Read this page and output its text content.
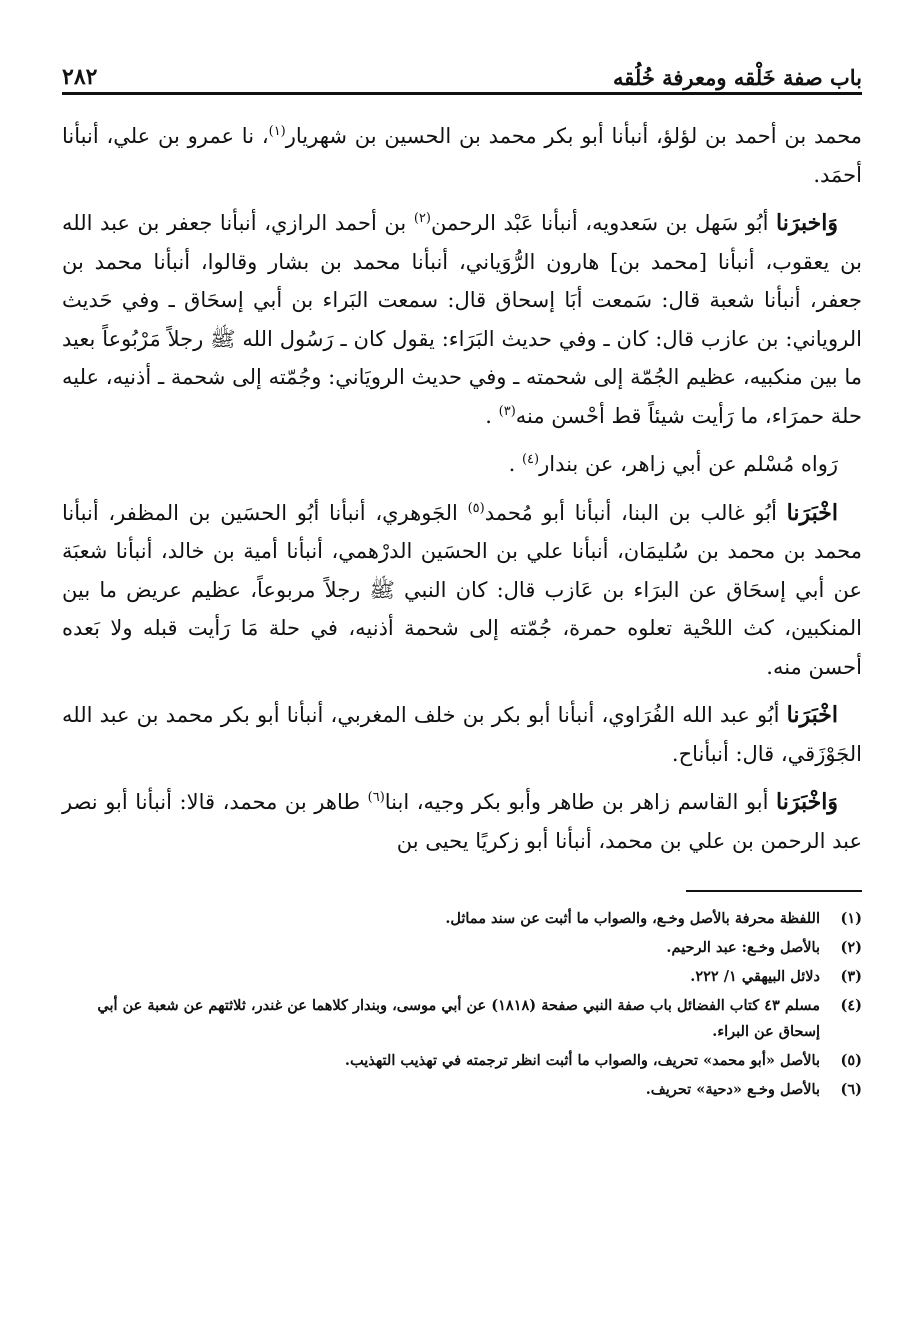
باب صفة خَلْقه ومعرفة خُلُقه
٢٨٢

محمد بن أحمد بن لؤلؤ، أنبأنا أبو بكر محمد بن الحسين بن شهريار$^{(١)}$، نا عمرو بن علي، أنبأنا أحمَد.

وَاخبرَنا أبُو سَهل بن سَعدويه، أنبأنا عَبْد الرحمن$^{(٢)}$ بن أحمد الرازي، أنبأنا جعفر بن عبد الله بن يعقوب، أنبأنا [محمد بن] هارون الرُّوَياني، أنبأنا محمد بن بشار وقالوا، أنبأنا محمد بن جعفر، أنبأنا شعبة قال: سَمعت أبَا إسحاق قال: سمعت البَراء بن أبي إسحَاق ـ وفي حَديث الروياني: بن عازب قال: كان ـ وفي حديث البَرَاء: يقول كان ـ رَسُول الله ﷺ رجلاً مَرْبُوعاً بعيد ما بين منكبيه، عظيم الجُمّة إلى شحمته ـ وفي حديث الرويَاني: وجُمّته إلى شحمة ـ أذنيه، عليه حلة حمرَاء، ما رَأيت شيئاً قط أحْسن منه$^{(٣)}$ .

رَواه مُسْلم عن أبي زاهر، عن بندار$^{(٤)}$ .

اخْبَرَنا أبُو غالب بن البنا، أنبأنا أبو مُحمد$^{(٥)}$ الجَوهري، أنبأنا أبُو الحسَين بن المظفر، أنبأنا محمد بن محمد بن سُليمَان، أنبأنا علي بن الحسَين الدرْهمي، أنبأنا أمية بن خالد، أنبأنا شعبَة عن أبي إسحَاق عن البرَاء بن عَازب قال: كان النبي ﷺ رجلاً مربوعاً، عظيم عريض ما بين المنكبين، كث اللحْية تعلوه حمرة، جُمّته إلى شحمة أذنيه، في حلة مَا رَأيت قبله ولا بَعده أحسن منه.

اخْبَرَنا أبُو عبد الله الفُرَاوي، أنبأنا أبو بكر بن خلف المغربي، أنبأنا أبو بكر محمد بن عبد الله الجَوْزَقي، قال: أنبأناح.

وَاخْبَرَنا أبو القاسم زاهر بن طاهر وأبو بكر وجيه، ابنا$^{(٦)}$ طاهر بن محمد، قالا: أنبأنا أبو نصر عبد الرحمن بن علي بن محمد، أنبأنا أبو زكريًا يحيى بن

(١)
اللفظة محرفة بالأصل وخـع، والصواب ما أثبت عن سند مماثل.
(٢)
بالأصل وخـع: عبد الرحيم.
(٣)
دلائل البيهقي ١/ ٢٢٢.
(٤)
مسلم ٤٣ كتاب الفضائل باب صفة النبي صفحة (١٨١٨) عن أبي موسى، وبندار كلاهما عن غندر، ثلاثتهم عن شعبة عن أبي إسحاق عن البراء.
(٥)
بالأصل «أبو محمد» تحريف، والصواب ما أثبت انظر ترجمته في تهذيب التهذيب.
(٦)
بالأصل وخـع «دحية» تحريف.
